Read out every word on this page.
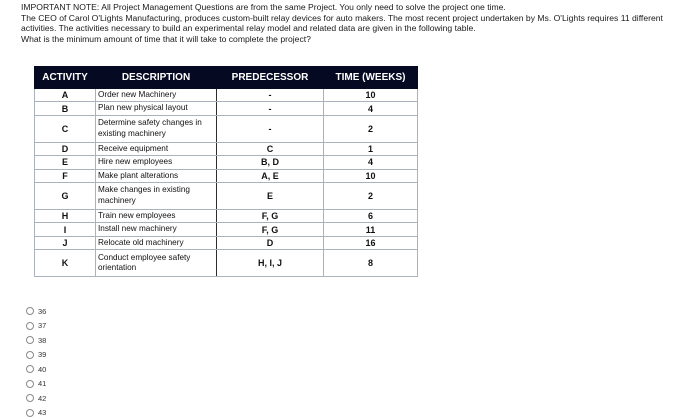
IMPORTANT NOTE: All Project Management Questions are from the same Project. You only need to solve the project one time.

The CEO of Carol O'Lights Manufacturing, produces custom-built relay devices for auto makers. The most recent project undertaken by Ms. O'Lights requires 11 different activities. The activities necessary to build an experimental relay model and related data are given in the following table.

What is the minimum amount of time that it will take to complete the project?

ACTIVITY	DESCRIPTION	PREDECESSOR	TIME (WEEKS)
A	Order new Machinery	-	10
B	Plan new physical layout	-	4
C	Determine safety changes in existing machinery	-	2
D	Receive equipment	C	1
E	Hire new employees	B, D	4
F	Make plant alterations	A, E	10
G	Make changes in existing machinery	E	2
H	Train new employees	F, G	6
I	Install new machinery	F, G	11
J	Relocate old machinery	D	16
K	Conduct employee safety orientation	H, I, J	8
36
37
38
39
40
41
42
43
